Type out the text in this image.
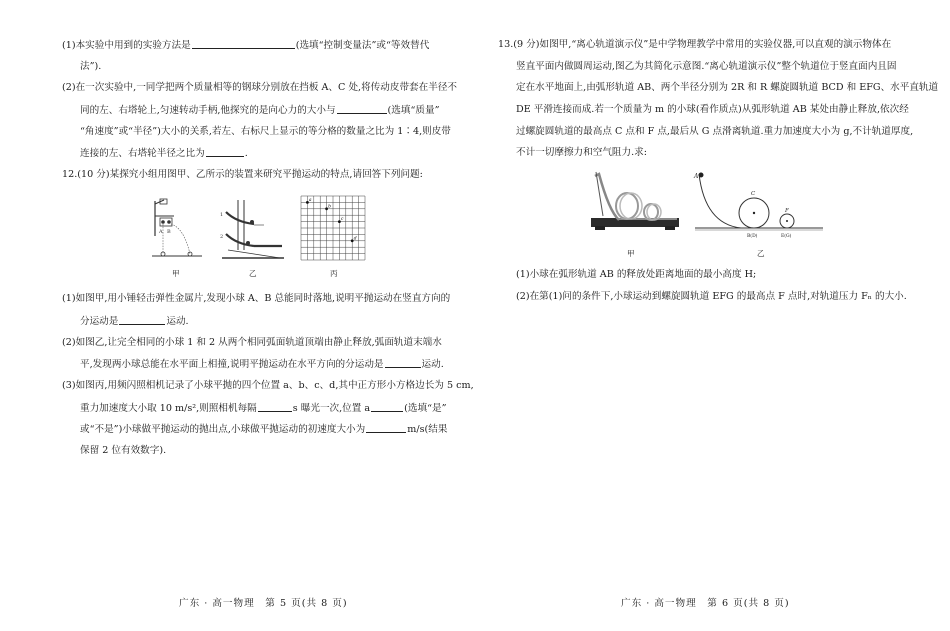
(1)本实验中用到的实验方法是	(选填“控制变量法”或“等效替代
法”).
(2)在一次实验中,一同学把两个质量相等的钢球分别放在挡板 A、C 处,将传动皮带套在半径不
同的左、右塔轮上,匀速转动手柄,他探究的是向心力的大小与	(选填“质量”
“角速度”或“半径”)大小的关系,若左、右标尺上显示的等分格的数量之比为 1∶4,则皮带
连接的左、右塔轮半径之比为	.
12.(10 分)某探究小组用图甲、乙所示的装置来研究平抛运动的特点,请回答下列问题:
A B
甲
1
2
乙
a
b
c
d
丙
(1)如图甲,用小锤轻击弹性金属片,发现小球 A、B 总能同时落地,说明平抛运动在竖直方向的
分运动是	运动.
(2)如图乙,让完全相同的小球 1 和 2 从两个相同弧面轨道顶端由静止释放,弧面轨道末端水
平,发现两小球总能在水平面上相撞,说明平抛运动在水平方向的分运动是	运动.
(3)如图丙,用频闪照相机记录了小球平抛的四个位置 a、b、c、d,其中正方形小方格边长为 5 cm,
重力加速度大小取 10 m/s²,则照相机每隔	s 曝光一次,位置 a	(选填“是”
或“不是”)小球做平抛运动的抛出点,小球做平抛运动的初速度大小为	m/s(结果
保留 2 位有效数字).
广东 · 高一物理　第 5 页(共 8 页)
13.(9 分)如图甲,“离心轨道演示仪”是中学物理教学中常用的实验仪器,可以直观的演示物体在
竖直平面内做圆周运动,图乙为其简化示意图.“离心轨道演示仪”整个轨道位于竖直面内且固
定在水平地面上,由弧形轨道 AB、两个半径分别为 2R 和 R 螺旋圆轨道 BCD 和 EFG、水平直轨道
DE 平滑连接而成.若一个质量为 m 的小球(看作质点)从弧形轨道 AB 某处由静止释放,依次经
过螺旋圆轨道的最高点 C 点和 F 点,最后从 G 点滑离轨道.重力加速度大小为 g,不计轨道厚度,
不计一切摩擦力和空气阻力.求:
甲
A
C
F
B(D)	E(G)
乙
(1)小球在弧形轨道 AB 的释放处距离地面的最小高度 H;
(2)在第(1)问的条件下,小球运动到螺旋圆轨道 EFG 的最高点 F 点时,对轨道压力 Fₙ 的大小.
广东 · 高一物理　第 6 页(共 8 页)
